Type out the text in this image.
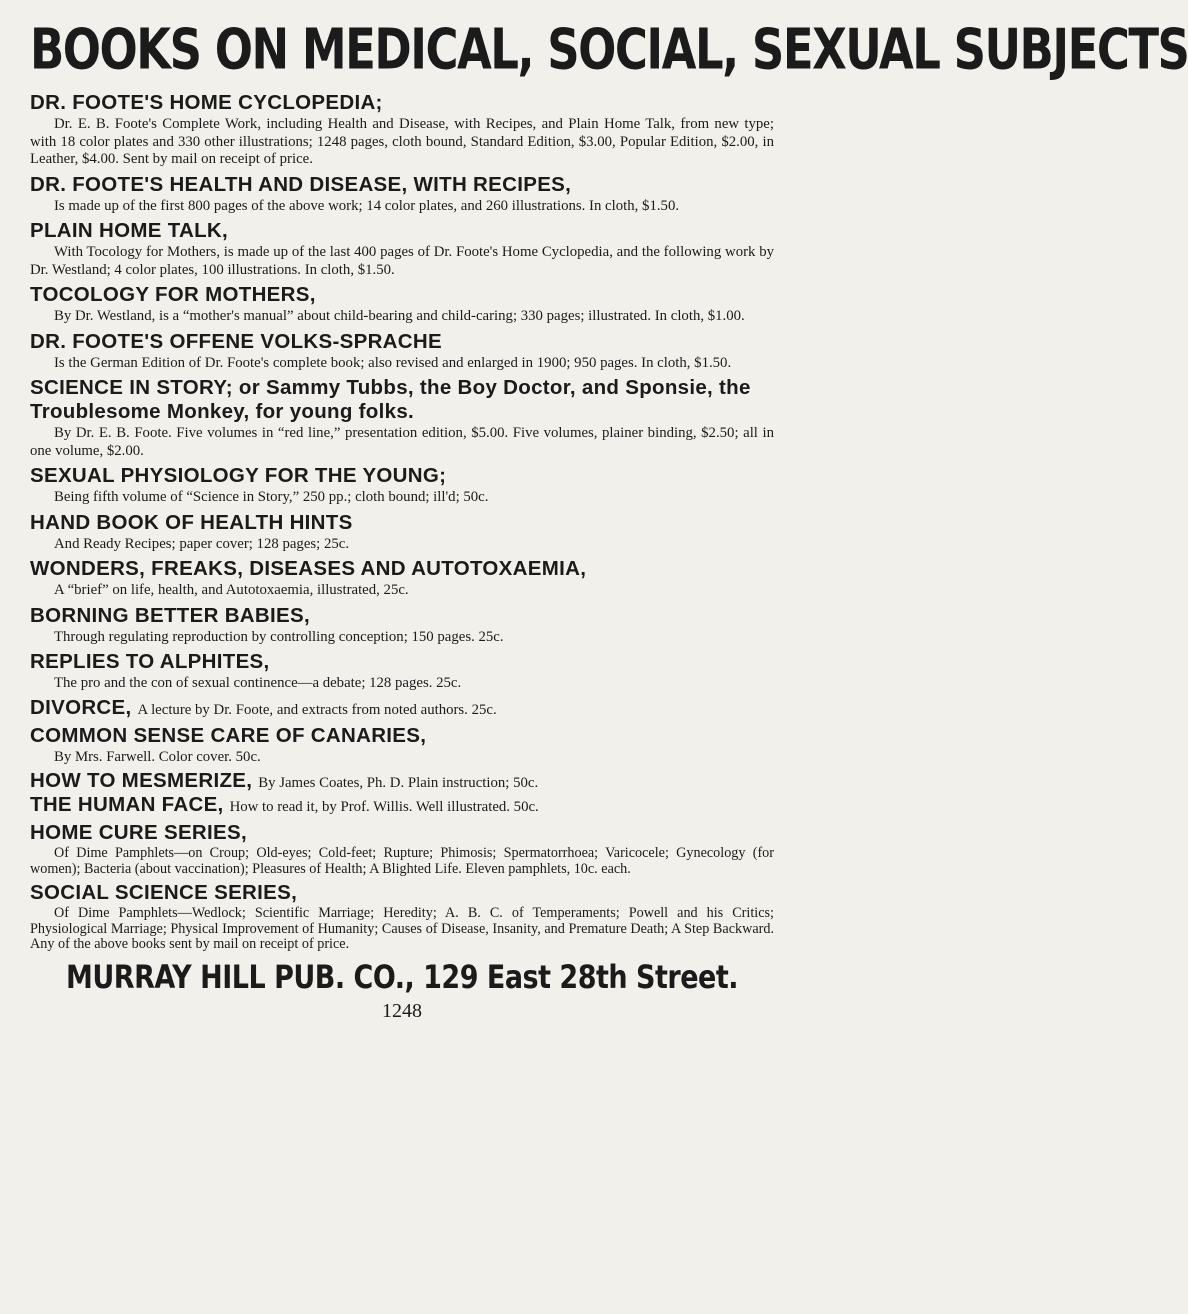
BOOKS ON MEDICAL, SOCIAL, SEXUAL SUBJECTS
DR. FOOTE'S HOME CYCLOPEDIA;
Dr. E. B. Foote's Complete Work, including Health and Disease, with Recipes, and Plain Home Talk, from new type; with 18 color plates and 330 other illustrations; 1248 pages, cloth bound, Standard Edition, $3.00, Popular Edition, $2.00, in Leather, $4.00. Sent by mail on receipt of price.
DR. FOOTE'S HEALTH AND DISEASE, WITH RECIPES,
Is made up of the first 800 pages of the above work; 14 color plates, and 260 illustrations. In cloth, $1.50.
PLAIN HOME TALK,
With Tocology for Mothers, is made up of the last 400 pages of Dr. Foote's Home Cyclopedia, and the following work by Dr. Westland; 4 color plates, 100 illustrations. In cloth, $1.50.
TOCOLOGY FOR MOTHERS,
By Dr. Westland, is a “mother's manual” about child-bearing and child-caring; 330 pages; illustrated. In cloth, $1.00.
DR. FOOTE'S OFFENE VOLKS-SPRACHE
Is the German Edition of Dr. Foote's complete book; also revised and enlarged in 1900; 950 pages. In cloth, $1.50.
SCIENCE IN STORY; or Sammy Tubbs, the Boy Doctor, and Sponsie, the Troublesome Monkey, for young folks.
By Dr. E. B. Foote. Five volumes in “red line,” presentation edition, $5.00. Five volumes, plainer binding, $2.50; all in one volume, $2.00.
SEXUAL PHYSIOLOGY FOR THE YOUNG;
Being fifth volume of “Science in Story,” 250 pp.; cloth bound; ill'd; 50c.
HAND BOOK OF HEALTH HINTS
And Ready Recipes; paper cover; 128 pages; 25c.
WONDERS, FREAKS, DISEASES AND AUTOTOXAEMIA,
A “brief” on life, health, and Autotoxaemia, illustrated, 25c.
BORNING BETTER BABIES,
Through regulating reproduction by controlling conception; 150 pages. 25c.
REPLIES TO ALPHITES,
The pro and the con of sexual continence—a debate; 128 pages. 25c.
DIVORCE, A lecture by Dr. Foote, and extracts from noted authors. 25c.
COMMON SENSE CARE OF CANARIES,
By Mrs. Farwell. Color cover. 50c.
HOW TO MESMERIZE, By James Coates, Ph. D. Plain instruction; 50c.
THE HUMAN FACE, How to read it, by Prof. Willis. Well illustrated. 50c.
HOME CURE SERIES,
Of Dime Pamphlets—on Croup; Old-eyes; Cold-feet; Rupture; Phimosis; Spermatorrhoea; Varicocele; Gynecology (for women); Bacteria (about vaccination); Pleasures of Health; A Blighted Life. Eleven pamphlets, 10c. each.
SOCIAL SCIENCE SERIES,
Of Dime Pamphlets—Wedlock; Scientific Marriage; Heredity; A. B. C. of Temperaments; Powell and his Critics; Physiological Marriage; Physical Improvement of Humanity; Causes of Disease, Insanity, and Premature Death; A Step Backward. Any of the above books sent by mail on receipt of price.
MURRAY HILL PUB. CO., 129 East 28th Street.
1248
